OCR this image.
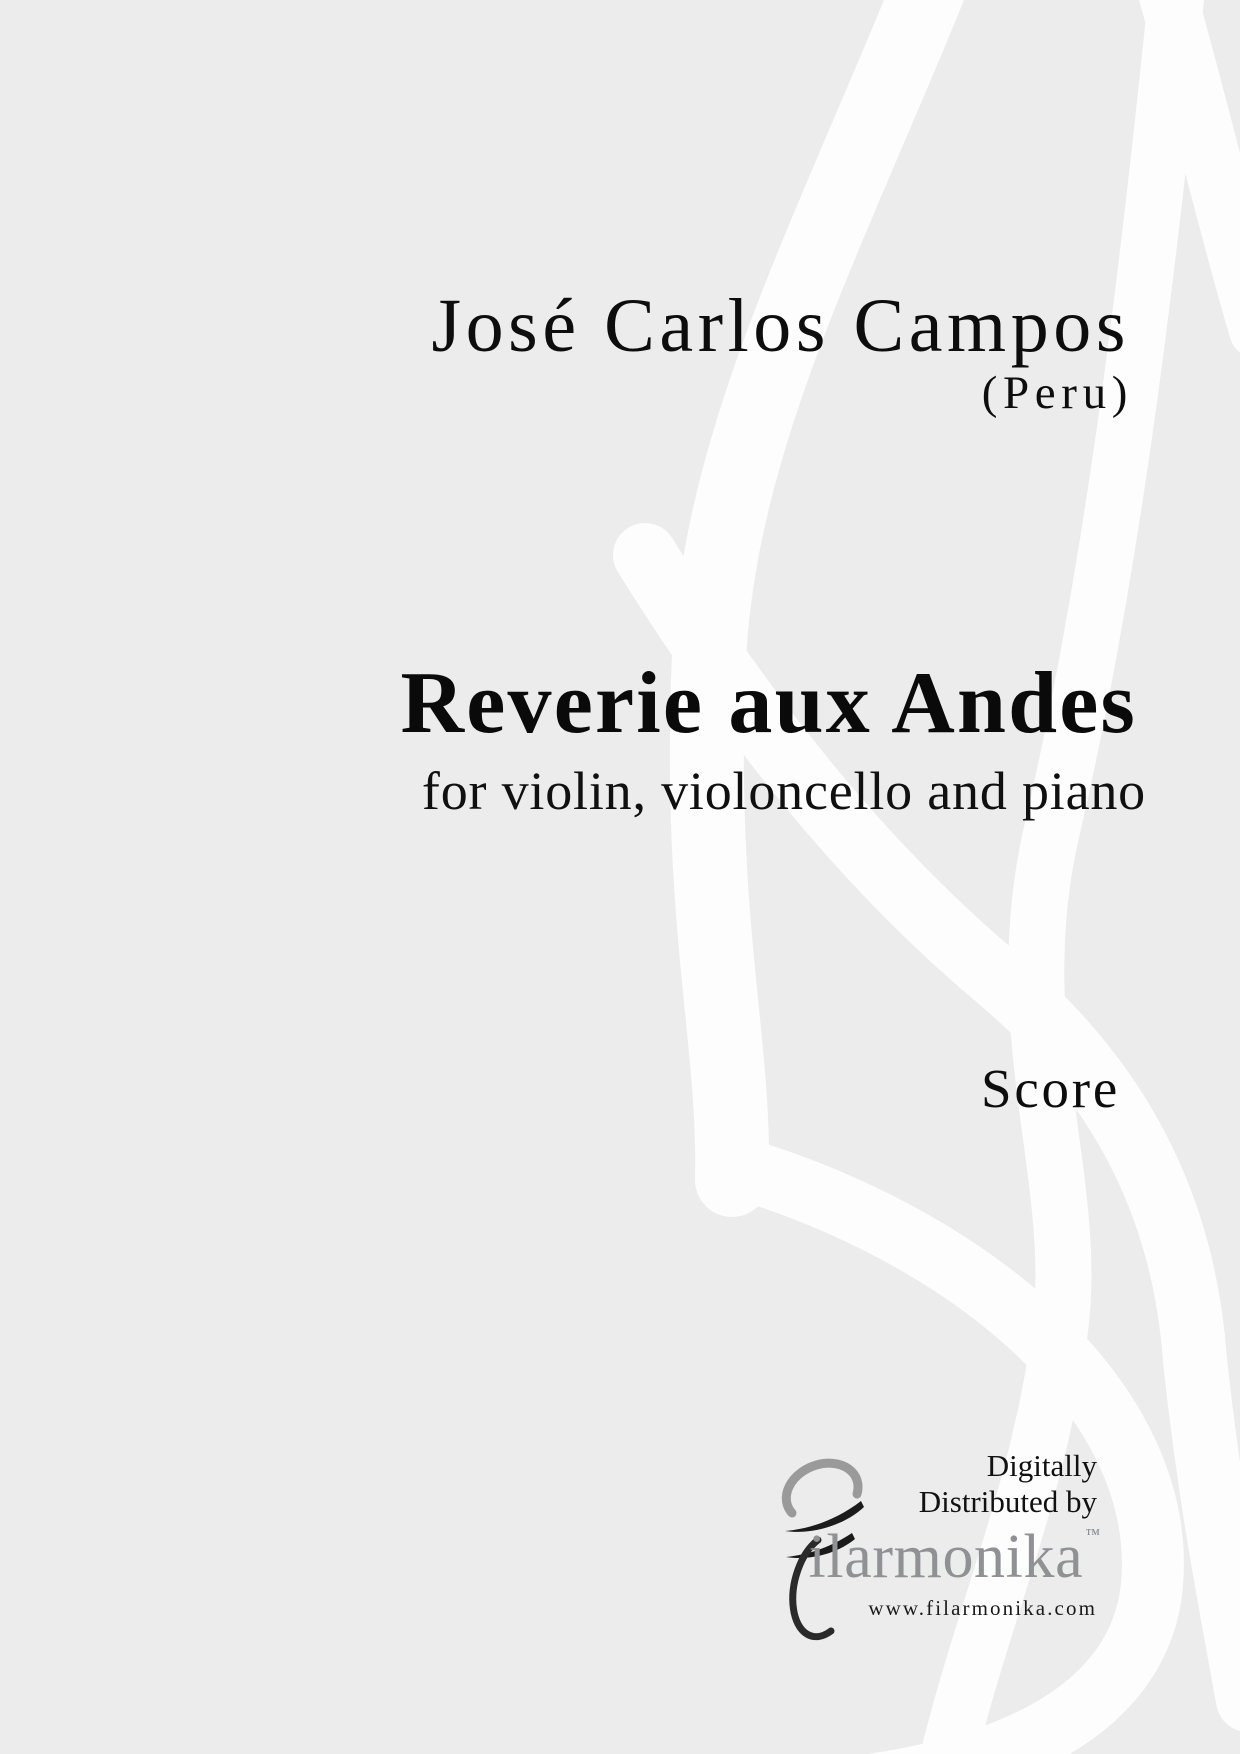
José Carlos Campos
(Peru)
Reverie aux Andes
for violin, violoncello and piano
Score
Digitally
Distributed by
ilarmonika ™
www.filarmonika.com
